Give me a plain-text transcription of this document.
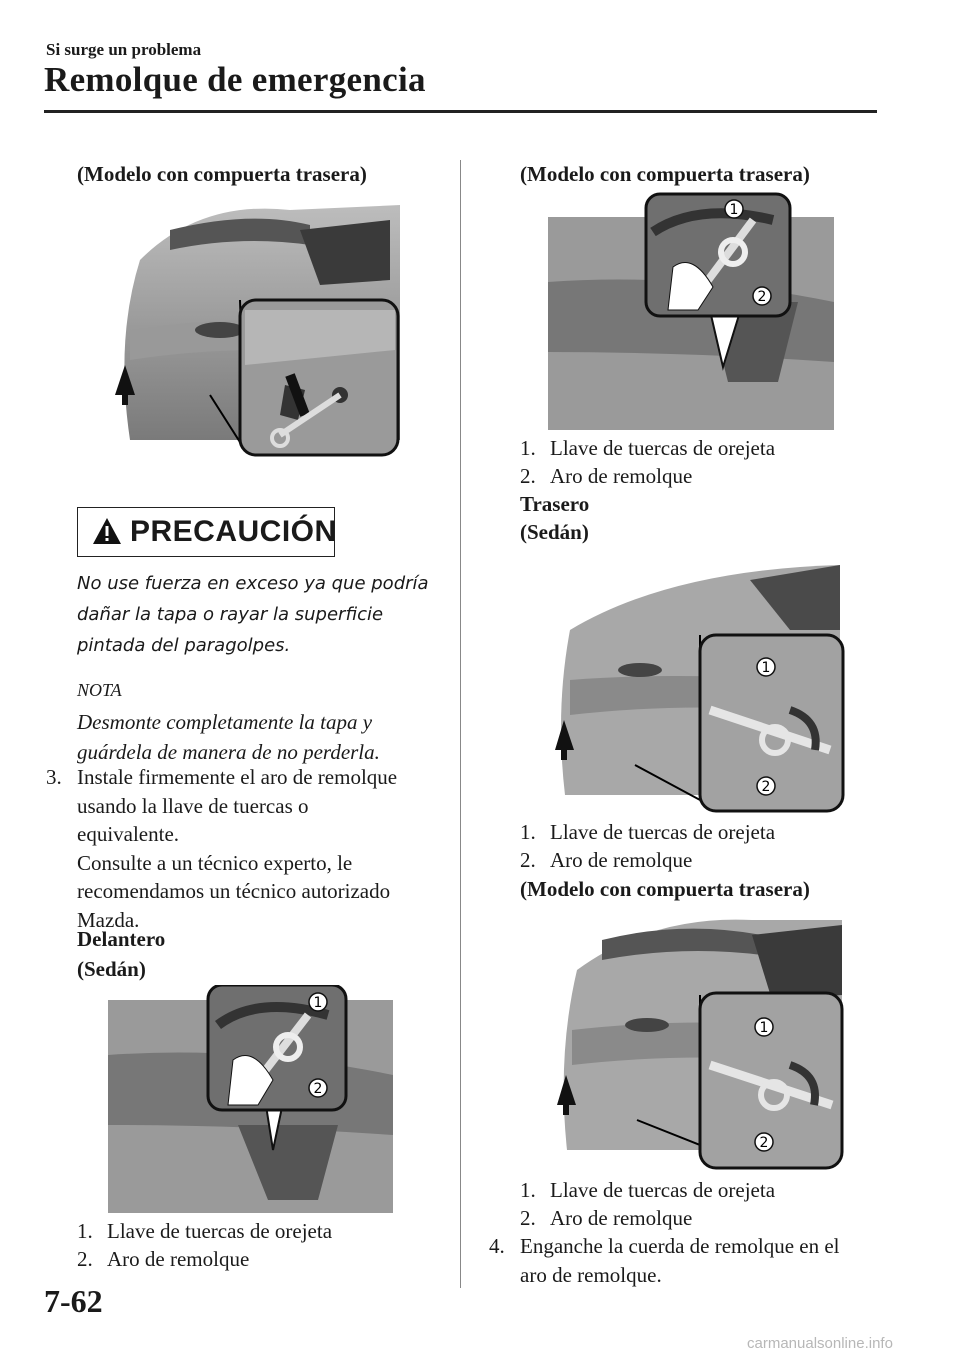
Si surge un problema
Remolque de emergencia
(Modelo con compuerta trasera)
PRECAUCIÓN
No use fuerza en exceso ya que podría
dañar la tapa o rayar la superficie
pintada del paragolpes.
NOTA
Desmonte completamente la tapa y
guárdela de manera de no perderla.
3. Instale firmemente el aro de remolque
usando la llave de tuercas o
equivalente.
Consulte a un técnico experto, le
recomendamos un técnico autorizado
Mazda.
Delantero
(Sedán)
1
2
1. Llave de tuercas de orejeta
2. Aro de remolque
(Modelo con compuerta trasera)
1
2
1. Llave de tuercas de orejeta
2. Aro de remolque
Trasero
(Sedán)
1
2
1. Llave de tuercas de orejeta
2. Aro de remolque
(Modelo con compuerta trasera)
1
2
1. Llave de tuercas de orejeta
2. Aro de remolque
4. Enganche la cuerda de remolque en el
aro de remolque.
7-62
carmanualsonline.info
